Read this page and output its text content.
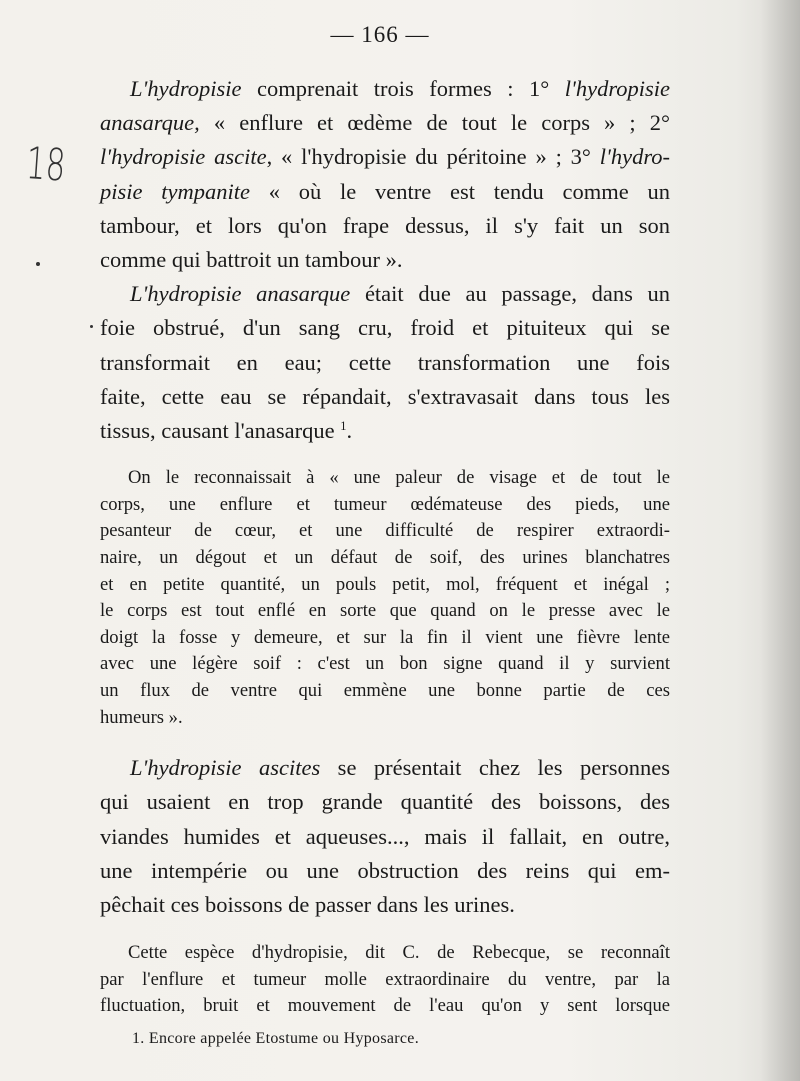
— 166 —
18

L'hydropisie comprenait trois formes : 1° l'hydropisie
anasarque, « enflure et œdème de tout le corps » ; 2°
l'hydropisie ascite, « l'hydropisie du péritoine » ; 3° l'hydro-
pisie tympanite « où le ventre est tendu comme un
tambour, et lors qu'on frape dessus, il s'y fait un son
comme qui battroit un tambour ».

L'hydropisie anasarque était due au passage, dans un
foie obstrué, d'un sang cru, froid et pituiteux qui se
transformait en eau; cette transformation une fois
faite, cette eau se répandait, s'extravasait dans tous les
tissus, causant l'anasarque $^1$.

On le reconnaissait à « une paleur de visage et de tout le
corps, une enflure et tumeur œdémateuse des pieds, une
pesanteur de cœur, et une difficulté de respirer extraordi-
naire, un dégout et un défaut de soif, des urines blanchatres
et en petite quantité, un pouls petit, mol, fréquent et inégal ;
le corps est tout enflé en sorte que quand on le presse avec le
doigt la fosse y demeure, et sur la fin il vient une fièvre lente
avec une légère soif : c'est un bon signe quand il y survient
un flux de ventre qui emmène une bonne partie de ces
humeurs ».

L'hydropisie ascites se présentait chez les personnes
qui usaient en trop grande quantité des boissons, des
viandes humides et aqueuses..., mais il fallait, en outre,
une intempérie ou une obstruction des reins qui em-
pêchait ces boissons de passer dans les urines.

Cette espèce d'hydropisie, dit C. de Rebecque, se reconnaît
par l'enflure et tumeur molle extraordinaire du ventre, par la
fluctuation, bruit et mouvement de l'eau qu'on y sent lorsque

1. Encore appelée Etostume ou Hyposarce.
